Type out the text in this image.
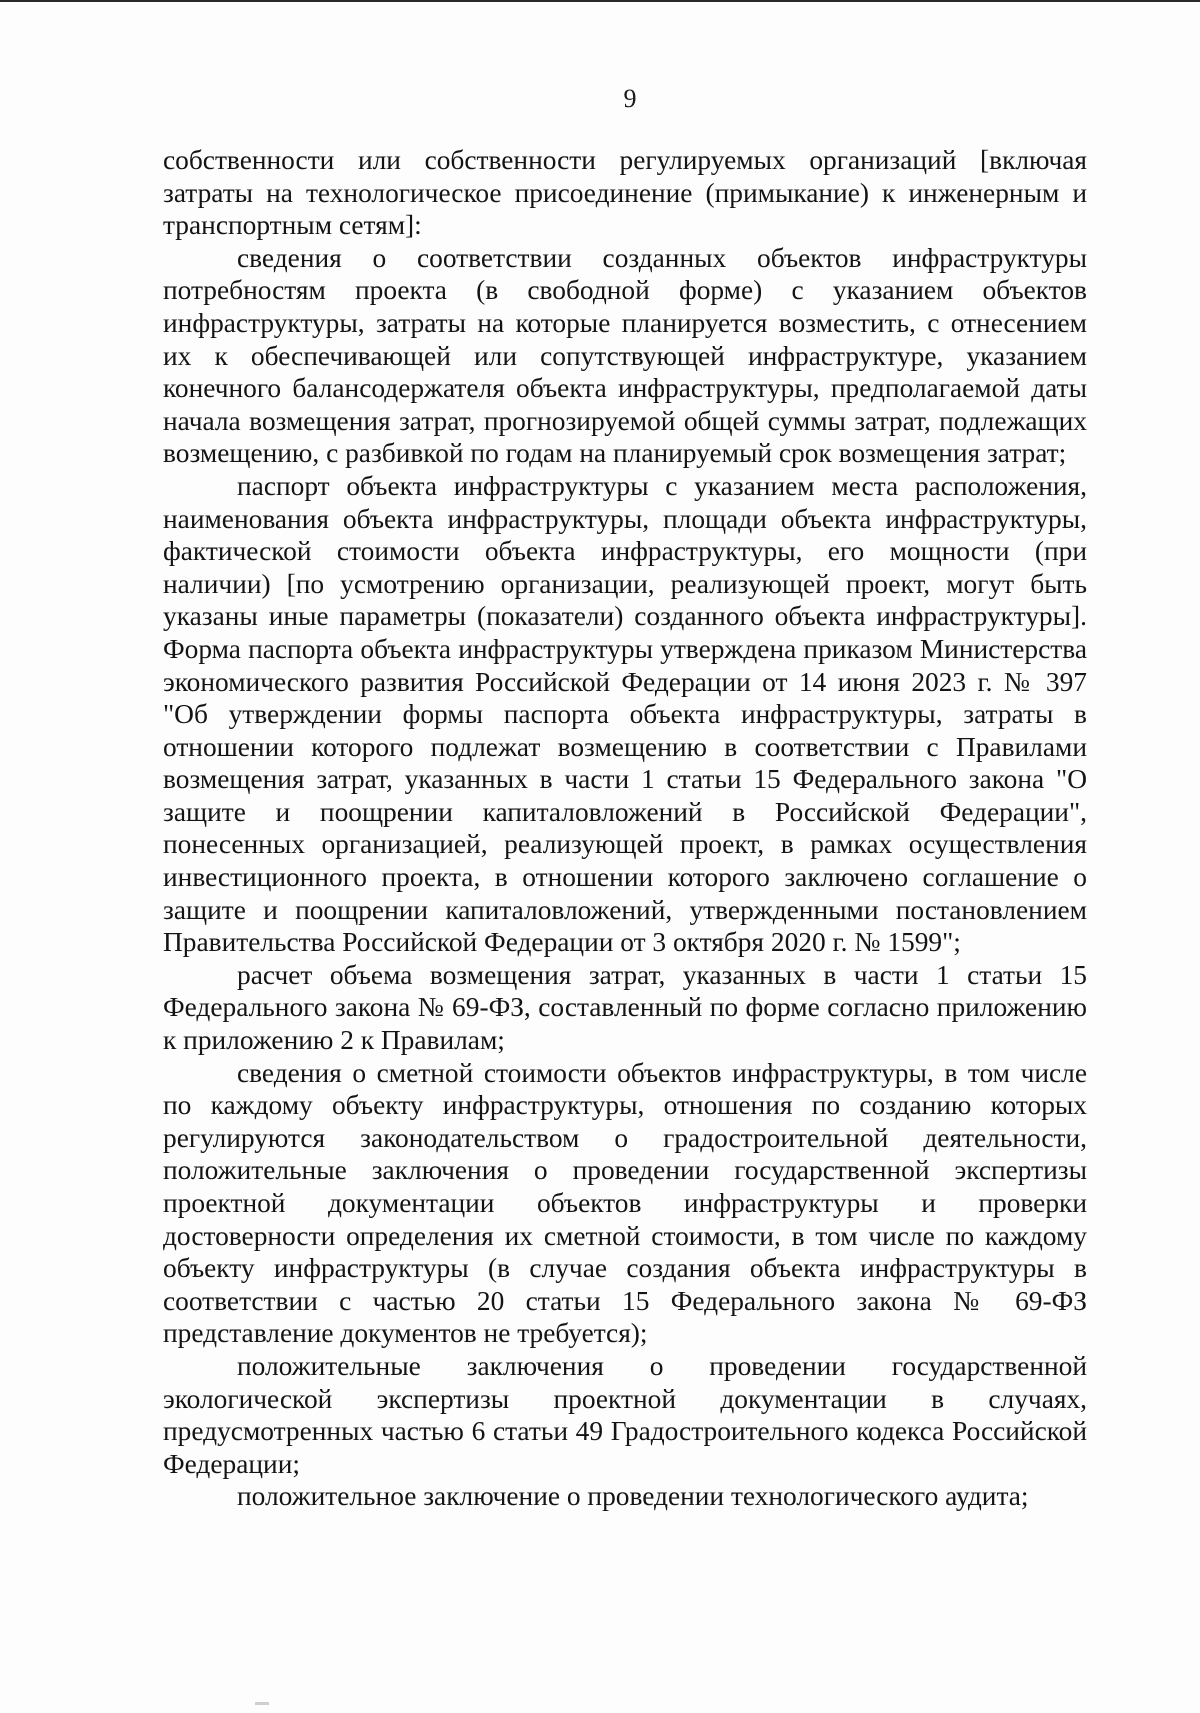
9

собственности или собственности регулируемых организаций [включая затраты на технологическое присоединение (примыкание) к инженерным и транспортным сетям]:

сведения о соответствии созданных объектов инфраструктуры потребностям проекта (в свободной форме) с указанием объектов инфраструктуры, затраты на которые планируется возместить, с отнесением их к обеспечивающей или сопутствующей инфраструктуре, указанием конечного балансодержателя объекта инфраструктуры, предполагаемой даты начала возмещения затрат, прогнозируемой общей суммы затрат, подлежащих возмещению, с разбивкой по годам на планируемый срок возмещения затрат;

паспорт объекта инфраструктуры с указанием места расположения, наименования объекта инфраструктуры, площади объекта инфраструктуры, фактической стоимости объекта инфраструктуры, его мощности (при наличии) [по усмотрению организации, реализующей проект, могут быть указаны иные параметры (показатели) созданного объекта инфраструктуры]. Форма паспорта объекта инфраструктуры утверждена приказом Министерства экономического развития Российской Федерации от 14 июня 2023 г. № 397 "Об утверждении формы паспорта объекта инфраструктуры, затраты в отношении которого подлежат возмещению в соответствии с Правилами возмещения затрат, указанных в части 1 статьи 15 Федерального закона "О защите и поощрении капиталовложений в Российской Федерации", понесенных организацией, реализующей проект, в рамках осуществления инвестиционного проекта, в отношении которого заключено соглашение о защите и поощрении капиталовложений, утвержденными постановлением Правительства Российской Федерации от 3 октября 2020 г. № 1599";

расчет объема возмещения затрат, указанных в части 1 статьи 15 Федерального закона № 69-ФЗ, составленный по форме согласно приложению к приложению 2 к Правилам;

сведения о сметной стоимости объектов инфраструктуры, в том числе по каждому объекту инфраструктуры, отношения по созданию которых регулируются законодательством о градостроительной деятельности, положительные заключения о проведении государственной экспертизы проектной документации объектов инфраструктуры и проверки достоверности определения их сметной стоимости, в том числе по каждому объекту инфраструктуры (в случае создания объекта инфраструктуры в соответствии с частью 20 статьи 15 Федерального закона № 69-ФЗ представление документов не требуется);

положительные заключения о проведении государственной экологической экспертизы проектной документации в случаях, предусмотренных частью 6 статьи 49 Градостроительного кодекса Российской Федерации;

положительное заключение о проведении технологического аудита;
